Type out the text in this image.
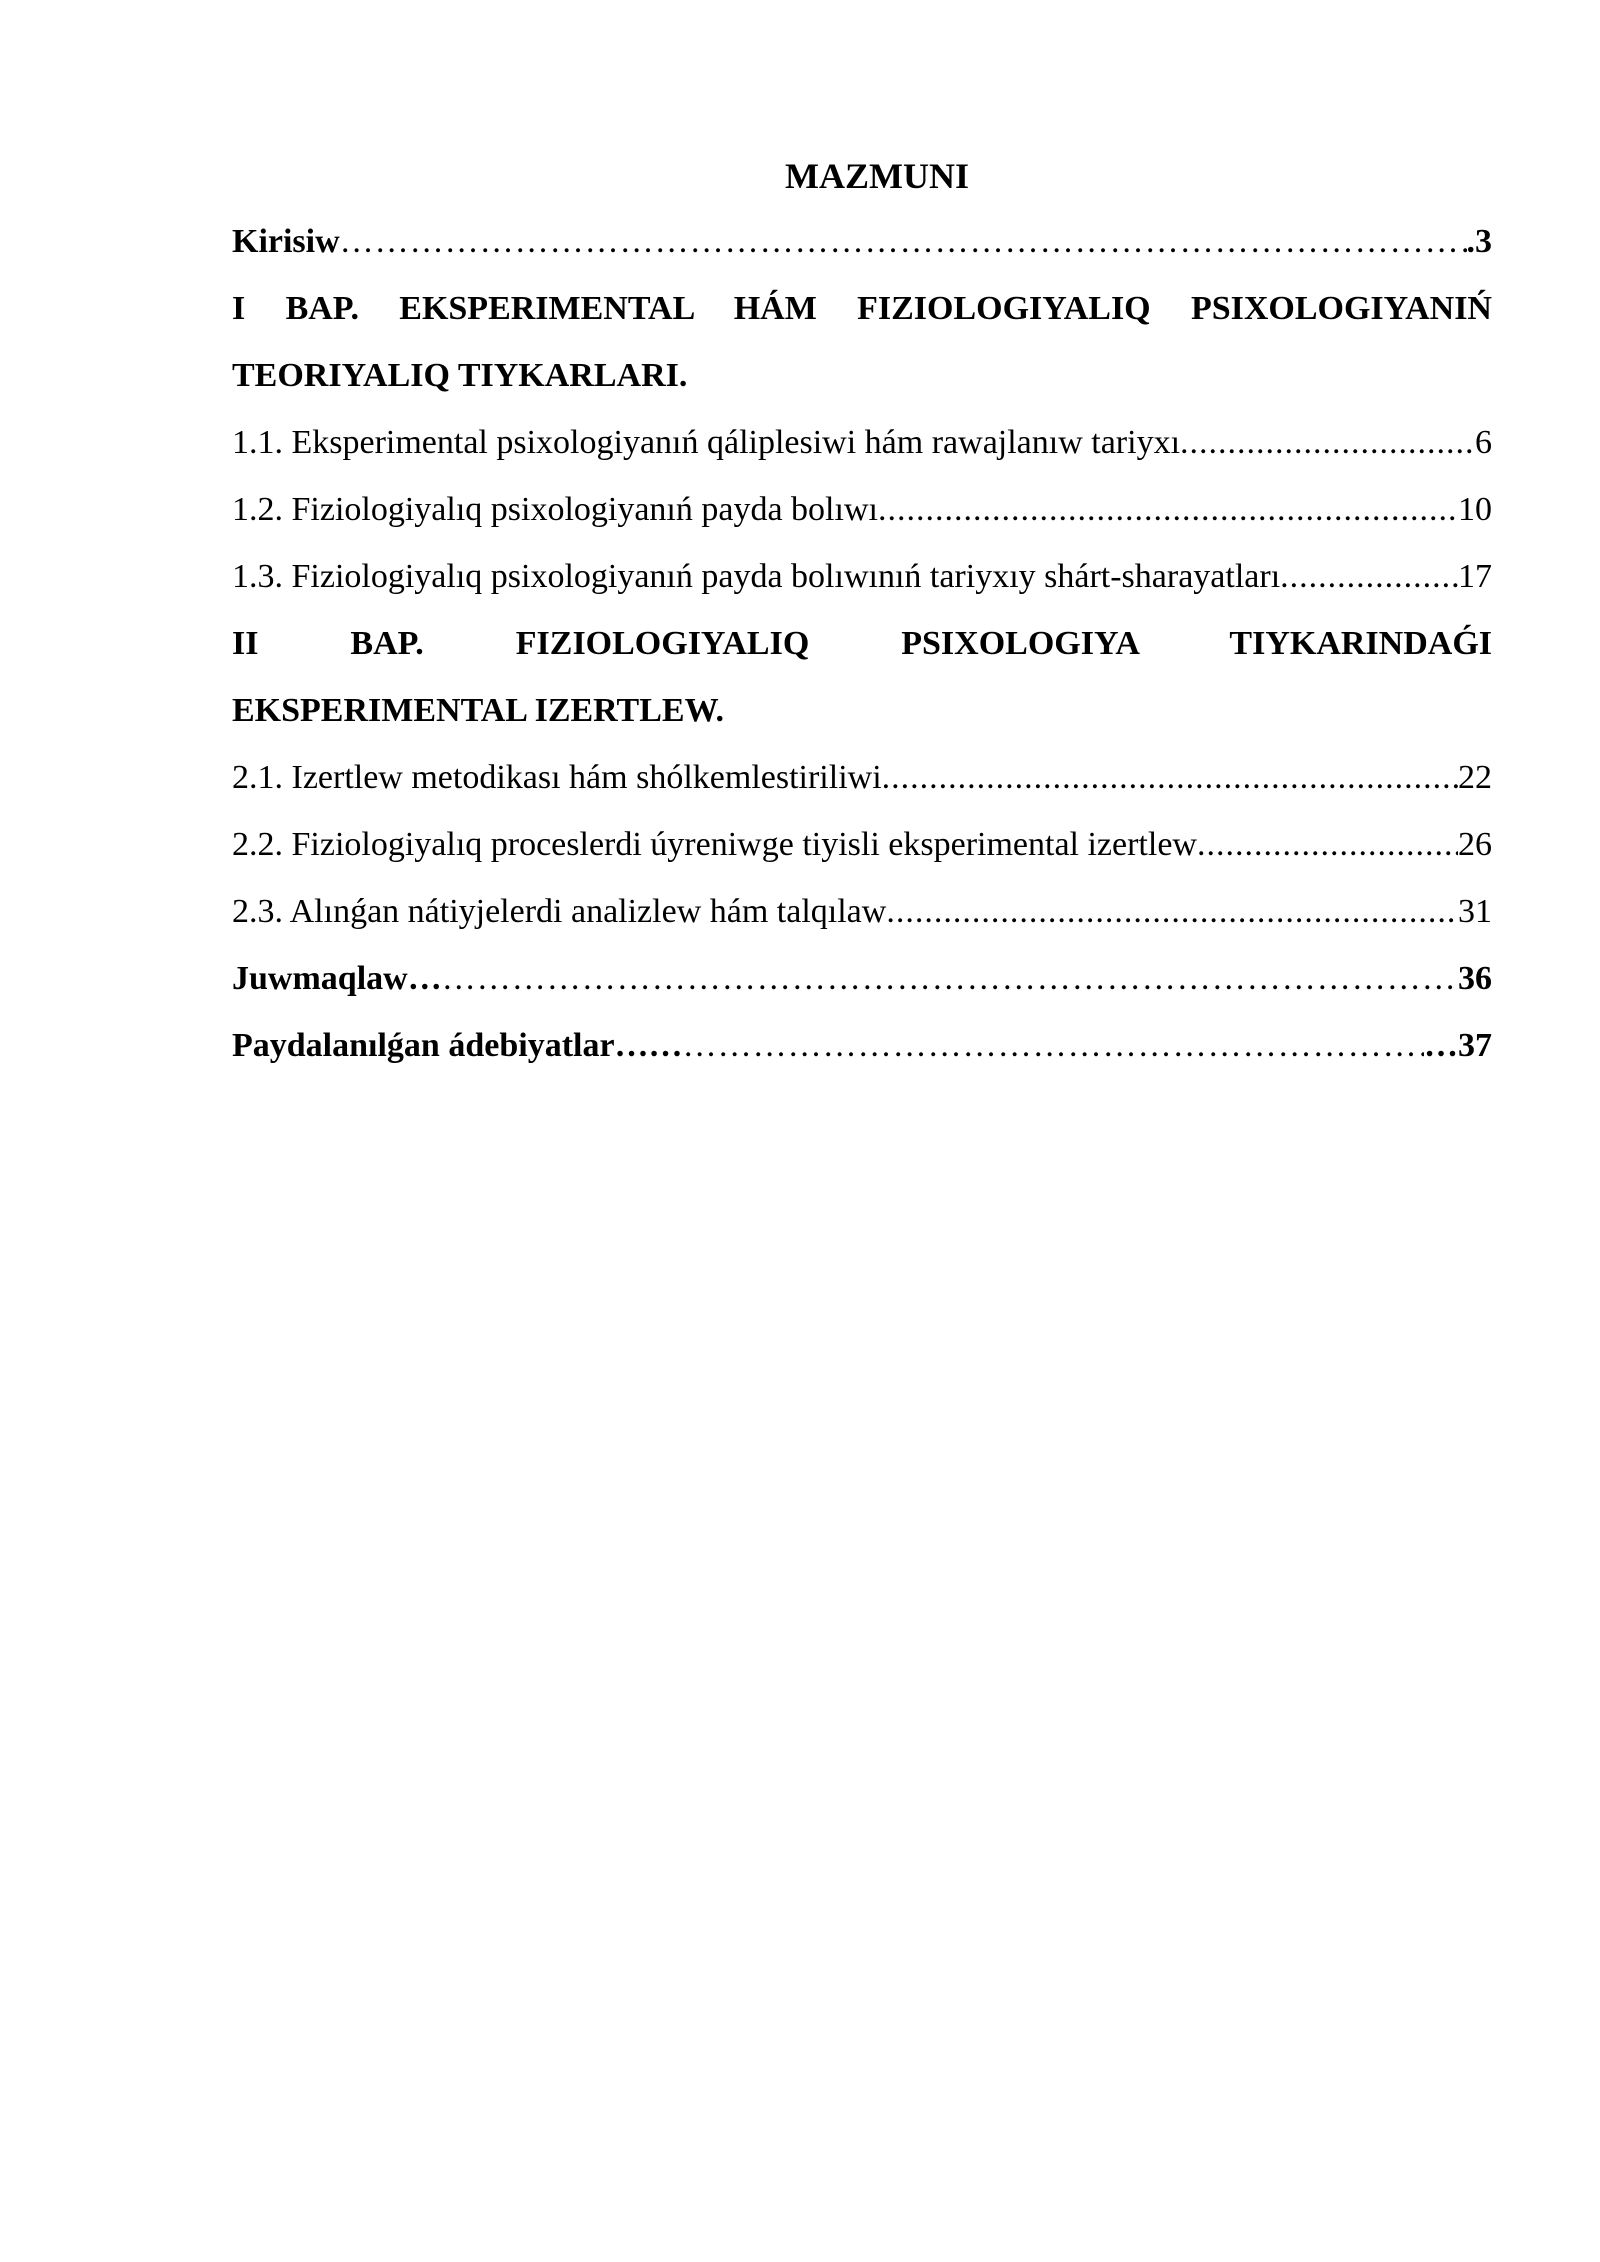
MAZMUNI
Kirisiw ……………………………………………………………………………………………………………………………………………………………………………………………………………………………	.3
I BAP. EKSPERIMENTAL HÁM FIZIOLOGIYALIQ PSIXOLOGIYANIŃ
TEORIYALIQ TIYKARLARI.
1.1. Eksperimental psixologiyanıń qáliplesiwi hám rawajlanıw tariyxı .....	6
1.2. Fiziologiyalıq psixologiyanıń payda bolıwı .....	10
1.3. Fiziologiyalıq psixologiyanıń payda bolıwınıń tariyxıy shárt-sharayatları .....	17
II BAP. FIZIOLOGIYALIQ PSIXOLOGIYA TIYKARINDAǴI
EKSPERIMENTAL IZERTLEW.
2.1. Izertlew metodikası hám shólkemlestiriliwi .....	22
2.2. Fiziologiyalıq proceslerdi úyreniwge tiyisli eksperimental izertlew .....	26
2.3. Alınǵan nátiyjelerdi analizlew hám talqılaw .....	31
Juwmaqlaw… ……………………………………………………………………………………………………………………………………………………………………………………………………………………………	36
Paydalanılǵan ádebiyatlar…… ……………………………………………………………………………………………………………………………………………………………………………………………………………………………	…37
